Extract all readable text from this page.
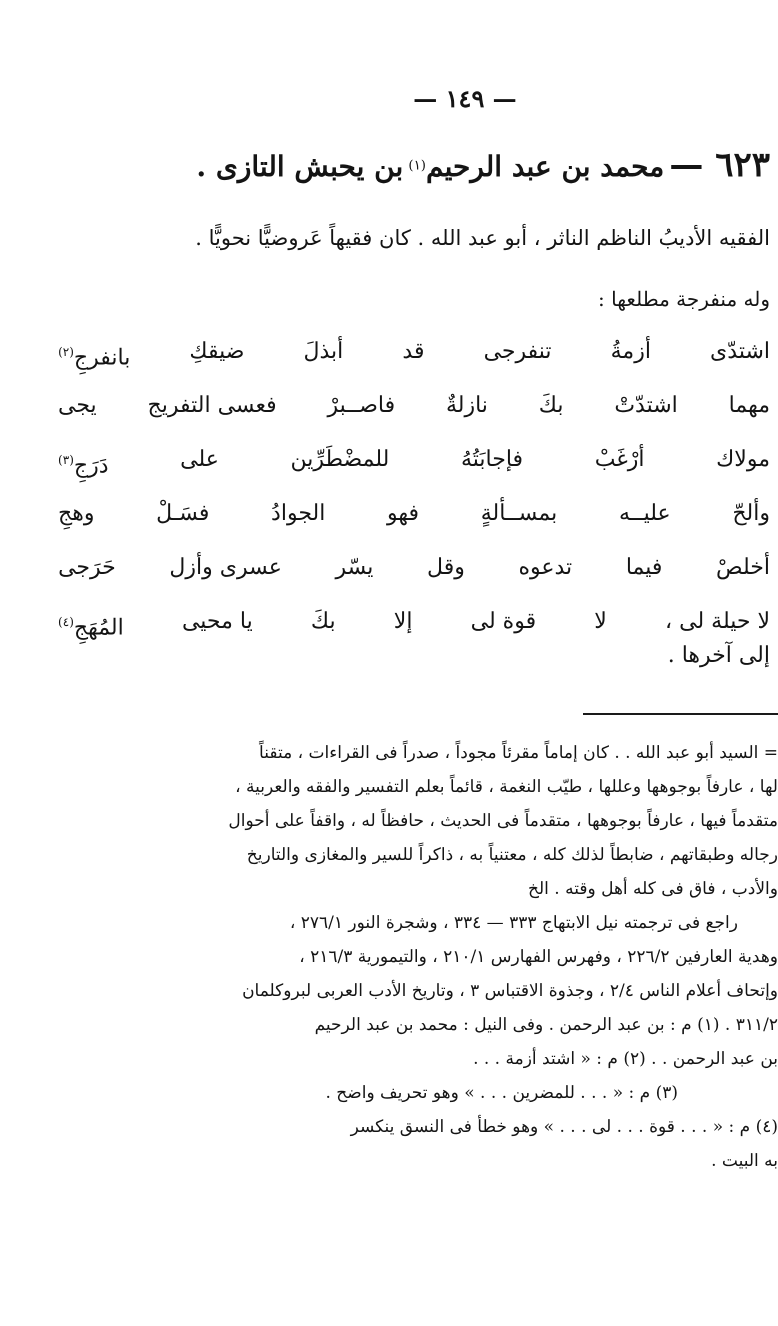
— ١٤٩ —
٦٢٣ — محمد بن عبد الرحيم$^{(١)}$ بن يحبش التازى .
الفقيه الأديبُ الناظم الناثر ، أبو عبد الله . كان فقيهاً عَروضيًّا نحويًّا .
وله منفرجة مطلعها :
اشتدّى
أزمةُ
تنفرجى
قد
أبذلَ
ضيقكِ
بانفرجِ$^{(٢)}$
مهما
اشتدّتْ
بكَ
نازلةٌ
فاصــبرْ
فعسى التفريج
يجى
مولاك
أرْغَبْ
فإجابَتُهُ
للمضْطَرِّين
على
دَرَجِ$^{(٣)}$
وألحّ
عليــه
بمســألةٍ
فهو
الجوادُ
فسَـلْ
وهجِ
أخلصْ
فيما
تدعوه
وقل
يسّر
عسرى وأزل
حَرَجى
لا حيلة لى ،
لا
قوة لى
إلا
بكَ
يا محيى
المُهَجِ$^{(٤)}$
إلى آخرها .
= السيد أبو عبد الله . . كان إماماً مقرئاً مجوداً ، صدراً فى القراءات ، متقناً
لها ، عارفاً بوجوهها وعللها ، طيّب النغمة ، قائماً بعلم التفسير والفقه والعربية ،
متقدماً فيها ، عارفاً بوجوهها ، متقدماً فى الحديث ، حافظاً له ، واقفاً على أحوال
رجاله وطبقاتهم ، ضابطاً لذلك كله ، معتنياً به ، ذاكراً للسير والمغازى والتاريخ
والأدب ، فاق فى كله أهل وقته . الخ
راجع فى ترجمته نيل الابتهاج ٣٣٣ — ٣٣٤ ، وشجرة النور ٢٧٦/١ ،
وهدية العارفين ٢٢٦/٢ ، وفهرس الفهارس ٢١٠/١ ، والتيمورية ٢١٦/٣ ،
وإتحاف أعلام الناس ٢/٤ ، وجذوة الاقتباس ٣ ، وتاريخ الأدب العربى لبروكلمان
٣١١/٢ . (١) م : بن عبد الرحمن . وفى النيل : محمد بن عبد الرحيم
بن عبد الرحمن . . (٢) م : « اشتد أزمة . . .
(٣) م : « . . . للمضرين . . . » وهو تحريف واضح .
(٤) م : « . . . قوة . . . لى . . . » وهو خطأ فى النسق ينكسر
به البيت .
